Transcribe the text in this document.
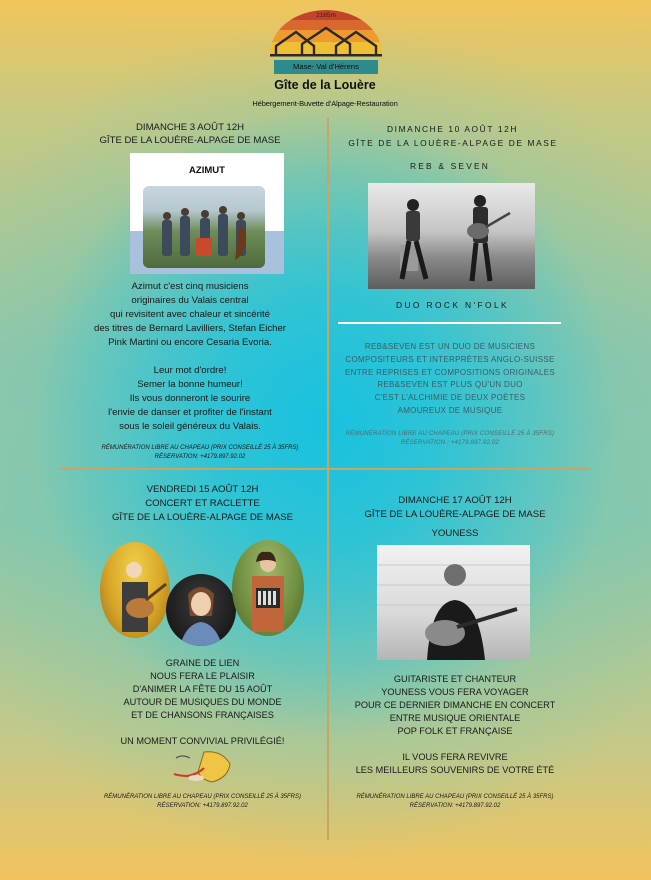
2165m
Mase- Val d'Hérens
Gîte de la Louère
Hébergement-Buvette d'Alpage-Restauration
DIMANCHE 3 AOÛT 12H
GÎTE DE LA LOUÈRE-ALPAGE DE MASE
AZIMUT
Azimut c'est cinq musiciens
originaires du Valais central
qui revisitent avec chaleur et sincérité
des titres de Bernard Lavilliers, Stefan Eicher
Pink Martini ou encore Cesaria Evoria.
Leur mot d'ordre!
Semer la bonne humeur!
Ils vous donneront le sourire
l'envie de danser et profiter de l'instant
sous le soleil généreux du Valais.
RÉMUNÉRATION LIBRE AU CHAPEAU (PRIX CONSEILLÉ 25 À 35FRS)
RÉSERVATION: +4179.897.92.02
DIMANCHE 10 AOÛT 12H
GÎTE DE LA LOUÈRE-ALPAGE DE MASE
REB & SEVEN
DUO ROCK N'FOLK
REB&SEVEN EST UN DUO DE MUSICIENS
COMPOSITEURS ET INTERPRÈTES ANGLO-SUISSE
ENTRE REPRISES ET COMPOSITIONS ORIGINALES
REB&SEVEN EST PLUS QU'UN DUO
C'EST L'ALCHIMIE DE DEUX POÈTES
AMOUREUX DE MUSIQUE
RÉMUNÉRATION LIBRE AU CHAPEAU (PRIX CONSEILLÉ 25 À 35FRS)
RÉSERVATION : +4179.897.92.02
VENDREDI 15 AOÛT 12H
CONCERT ET RACLETTE
GÎTE DE LA LOUÈRE-ALPAGE DE MASE
GRAINE DE LIEN
NOUS FERA LE PLAISIR
D'ANIMER LA FÊTE DU 15 AOÛT
AUTOUR DE MUSIQUES DU MONDE
ET DE CHANSONS FRANÇAISES
UN MOMENT CONVIVIAL PRIVILÉGIÉ!
RÉMUNÉRATION LIBRE AU CHAPEAU (PRIX CONSEILLÉ 25 À 35FRS)
RÉSERVATION: +4179.897.92.02
DIMANCHE 17 AOÛT 12H
GÎTE DE LA LOUÈRE-ALPAGE DE MASE
YOUNESS
GUITARISTE ET CHANTEUR
YOUNESS VOUS FERA VOYAGER
POUR CE DERNIER DIMANCHE EN CONCERT
ENTRE MUSIQUE ORIENTALE
POP FOLK ET FRANÇAISE
IL VOUS FERA REVIVRE
LES MEILLEURS SOUVENIRS DE VOTRE ÉTÉ
RÉMUNÉRATION LIBRE AU CHAPEAU (PRIX CONSEILLÉ 25 À 35FRS)
RÉSERVATION: +4179.897.92.02
